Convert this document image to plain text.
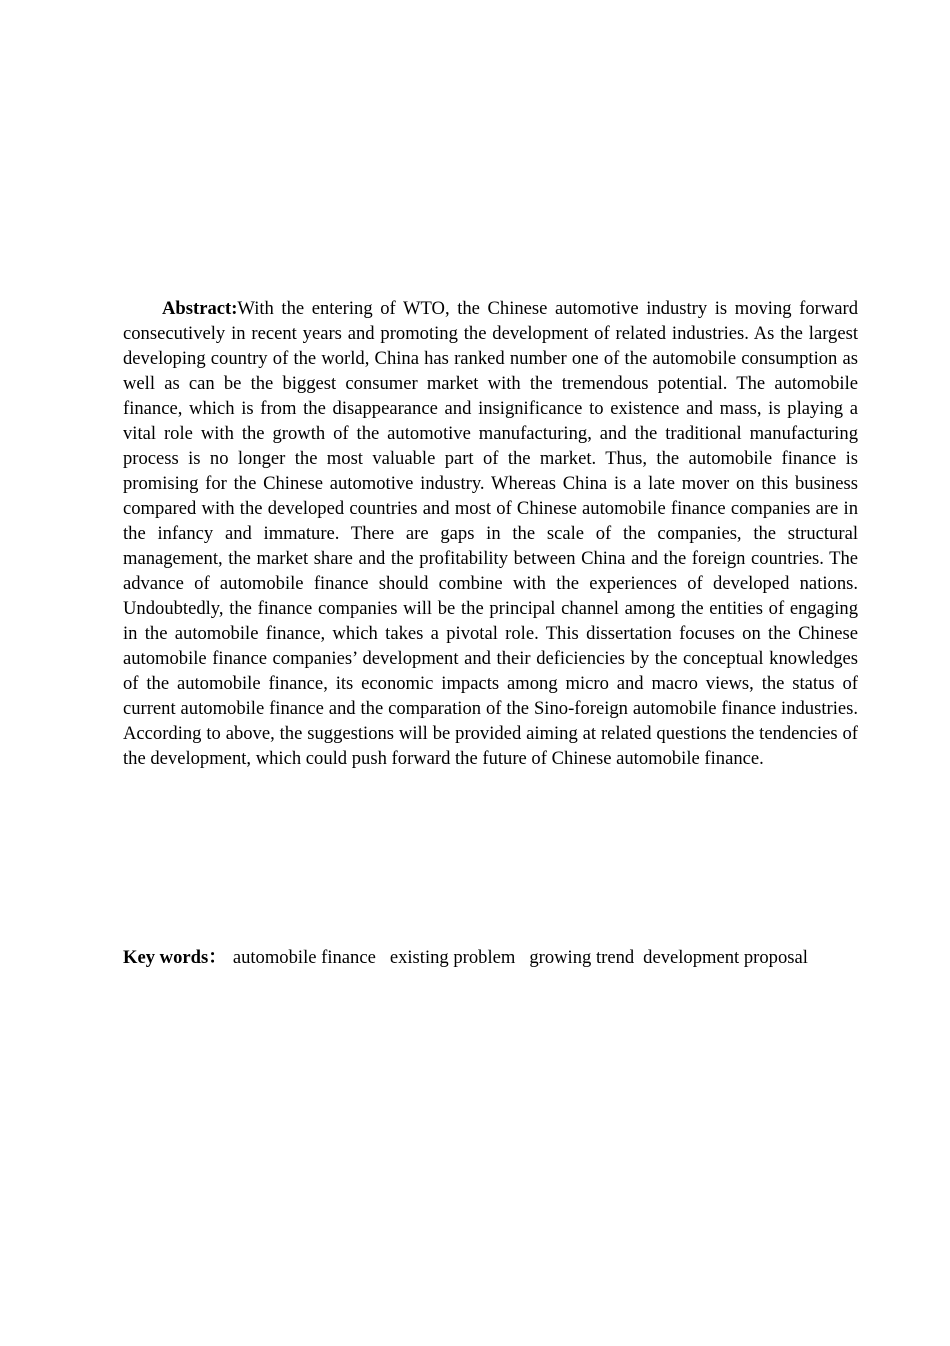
Abstract:With the entering of WTO, the Chinese automotive industry is moving forward consecutively in recent years and promoting the development of related industries. As the largest developing country of the world, China has ranked number one of the automobile consumption as well as can be the biggest consumer market with the tremendous potential. The automobile finance, which is from the disappearance and insignificance to existence and mass, is playing a vital role with the growth of the automotive manufacturing, and the traditional manufacturing process is no longer the most valuable part of the market. Thus, the automobile finance is promising for the Chinese automotive industry. Whereas China is a late mover on this business compared with the developed countries and most of Chinese automobile finance companies are in the infancy and immature. There are gaps in the scale of the companies, the structural management, the market share and the profitability between China and the foreign countries. The advance of automobile finance should combine with the experiences of developed nations. Undoubtedly, the finance companies will be the principal channel among the entities of engaging in the automobile finance, which takes a pivotal role. This dissertation focuses on the Chinese automobile finance companies’ development and their deficiencies by the conceptual knowledges of the automobile finance, its economic impacts among micro and macro views, the status of current automobile finance and the comparation of the Sino-foreign automobile finance industries. According to above, the suggestions will be provided aiming at related questions the tendencies of the development, which could push forward the future of Chinese automobile finance.

Key words： automobile finance existing problem growing trend development proposal
